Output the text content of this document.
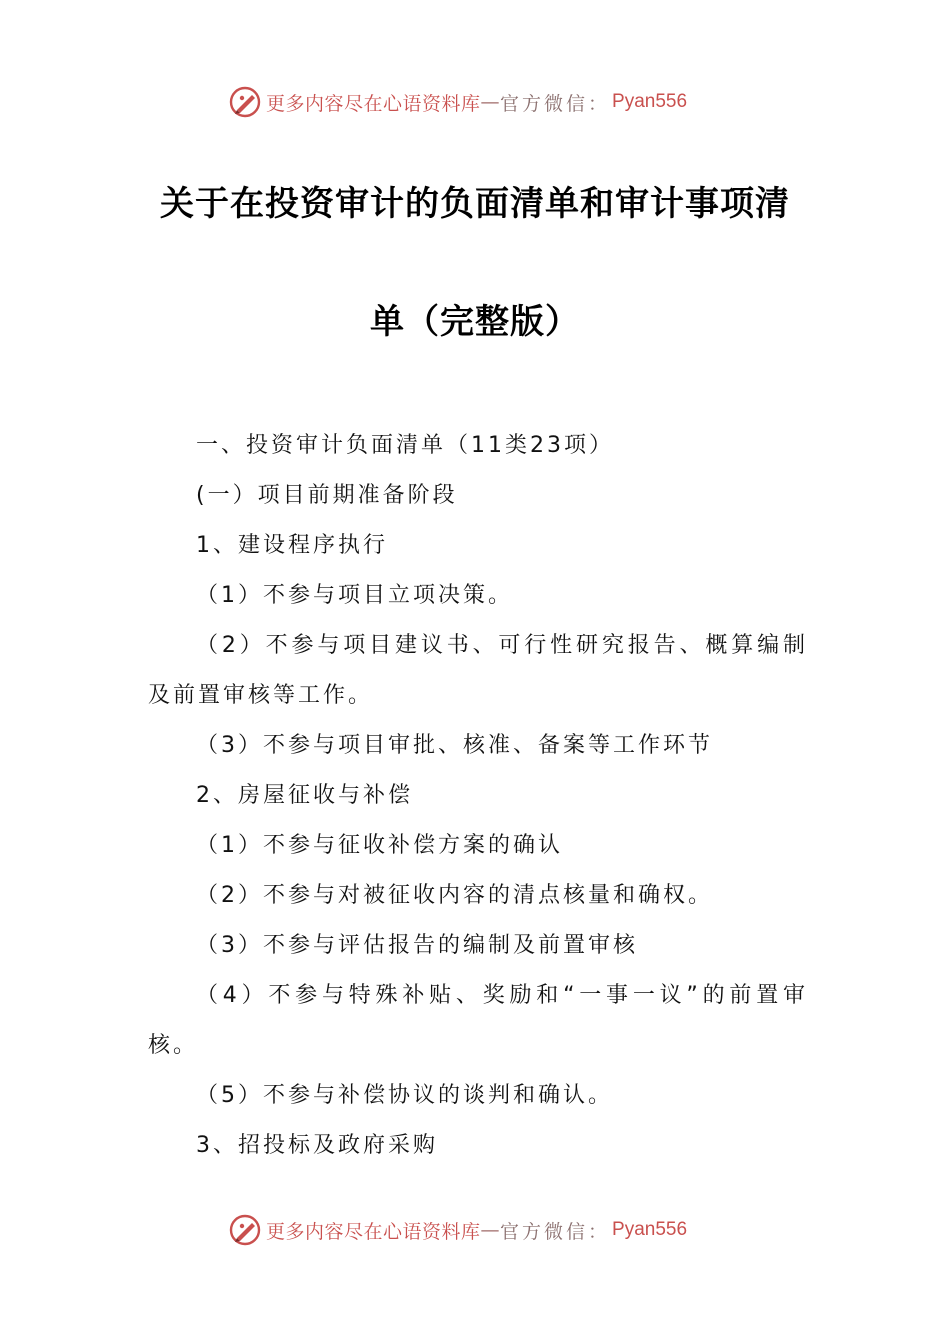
更多内容尽在心语资料库 — 官方微信： Pyan556
关于在投资审计的负面清单和审计事项清
单（完整版）

一、投资审计负面清单（11类23项）

(一）项目前期准备阶段

1、建设程序执行

（1）不参与项目立项决策。

（2）不参与项目建议书、可行性研究报告、概算编制及前置审核等工作。

（3）不参与项目审批、核准、备案等工作环节

2、房屋征收与补偿

（1）不参与征收补偿方案的确认

（2）不参与对被征收内容的清点核量和确权。

（3）不参与评估报告的编制及前置审核

（4）不参与特殊补贴、奖励和“一事一议”的前置审核。

（5）不参与补偿协议的谈判和确认。

3、招投标及政府采购

更多内容尽在心语资料库 — 官方微信： Pyan556
